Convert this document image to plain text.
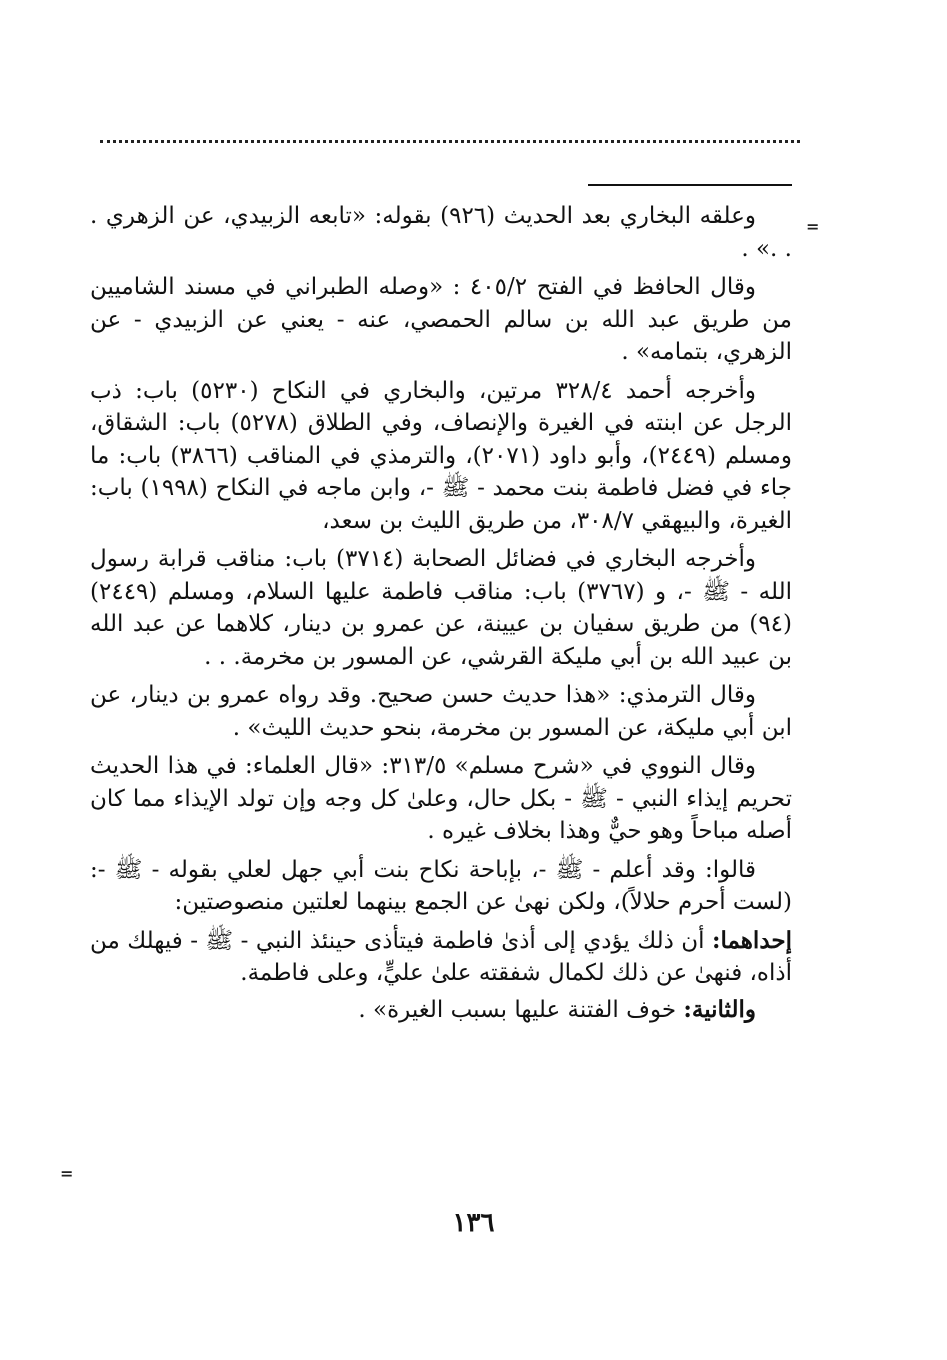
=
=

وعلقه البخاري بعد الحديث (٩٢٦) بقوله: «تابعه الزبيدي، عن الزهري . . .» .

وقال الحافظ في الفتح ٤٠٥/٢ : «وصله الطبراني في مسند الشاميين من طريق عبد الله بن سالم الحمصي، عنه - يعني عن الزبيدي - عن الزهري، بتمامه» .

وأخرجه أحمد ٣٢٨/٤ مرتين، والبخاري في النكاح (٥٢٣٠) باب: ذب الرجل عن ابنته في الغيرة والإنصاف، وفي الطلاق (٥٢٧٨) باب: الشقاق، ومسلم (٢٤٤٩)، وأبو داود (٢٠٧١)، والترمذي في المناقب (٣٨٦٦) باب: ما جاء في فضل فاطمة بنت محمد - ﷺ -، وابن ماجه في النكاح (١٩٩٨) باب: الغيرة، والبيهقي ٣٠٨/٧، من طريق الليث بن سعد،

وأخرجه البخاري في فضائل الصحابة (٣٧١٤) باب: مناقب قرابة رسول الله - ﷺ -، و (٣٧٦٧) باب: مناقب فاطمة عليها السلام، ومسلم (٢٤٤٩) (٩٤) من طريق سفيان بن عيينة، عن عمرو بن دينار، كلاهما عن عبد الله بن عبيد الله بن أبي مليكة القرشي، عن المسور بن مخرمة. . .

وقال الترمذي: «هذا حديث حسن صحيح. وقد رواه عمرو بن دينار، عن ابن أبي مليكة، عن المسور بن مخرمة، بنحو حديث الليث» .

وقال النووي في «شرح مسلم» ٣١٣/٥: «قال العلماء: في هذا الحديث تحريم إيذاء النبي - ﷺ - بكل حال، وعلىٰ كل وجه وإن تولد الإيذاء مما كان أصله مباحاً وهو حيٌّ وهذا بخلاف غيره .

قالوا: وقد أعلم - ﷺ -، بإباحة نكاح بنت أبي جهل لعلي بقوله - ﷺ -: (لست أحرم حلالاً)، ولكن نهىٰ عن الجمع بينهما لعلتين منصوصتين:

إحداهما: أن ذلك يؤدي إلى أذىٰ فاطمة فيتأذى حينئذ النبي - ﷺ - فيهلك من أذاه، فنهىٰ عن ذلك لكمال شفقته علىٰ عليٍّ، وعلى فاطمة.

والثانية: خوف الفتنة عليها بسبب الغيرة» .

١٣٦
